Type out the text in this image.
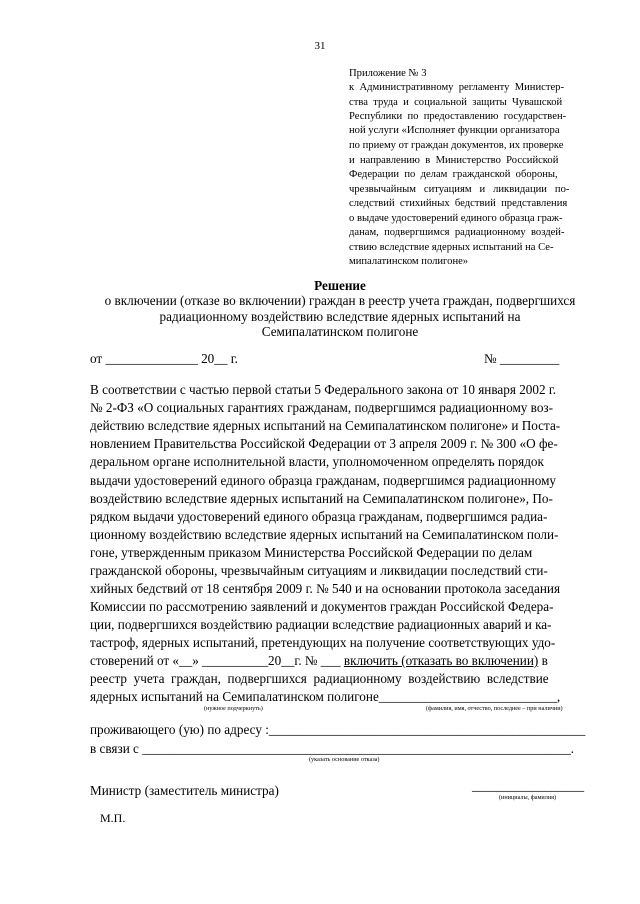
31
Приложение № 3
к  Административному  регламенту  Министер-
ства  труда  и  социальной  защиты  Чувашской
Республики  по  предоставлению  государствен-
ной услуги «Исполняет функции организатора
по приему от граждан документов, их проверке
и  направлению  в  Министерство  Российской
Федерации  по  делам  гражданской  обороны,
чрезвычайным   ситуациям   и   ликвидации   по-
следствий  стихийных  бедствий  представления
о выдаче удостоверений единого образца граж-
данам,  подвергшимся  радиационному  воздей-
ствию вследствие ядерных испытаний на Се-
мипалатинском полигоне»
Решение
о включении (отказе во включении) граждан в реестр учета граждан, подвергшихся
радиационному воздействию вследствие ядерных испытаний на
Семипалатинском полигоне
от ______________ 20__ г.	№ _________
В соответствии с частью первой статьи 5 Федерального закона от 10 января 2002 г.
№ 2-ФЗ «О социальных гарантиях гражданам, подвергшимся радиационному воз-
действию вследствие ядерных испытаний на Семипалатинском полигоне» и Поста-
новлением Правительства Российской Федерации от 3 апреля 2009 г. № 300 «О фе-
деральном органе исполнительной власти, уполномоченном определять порядок
выдачи удостоверений единого образца гражданам, подвергшимся радиационному
воздействию вследствие ядерных испытаний на Семипалатинском полигоне», По-
рядком выдачи удостоверений единого образца гражданам, подвергшимся радиа-
ционному воздействию вследствие ядерных испытаний на Семипалатинском поли-
гоне, утвержденным приказом Министерства Российской Федерации по делам
гражданской обороны, чрезвычайным ситуациям и ликвидации последствий сти-
хийных бедствий от 18 сентября 2009 г. № 540 и на основании протокола заседания
Комиссии по рассмотрению заявлений и документов граждан Российской Федера-
ции, подвергшихся воздействию радиации вследствие радиационных аварий и ка-
тастроф, ядерных испытаний, претендующих на получение соответствующих удо-
стоверений от «__» __________20__г. № ___ включить (отказать во включении) в
реестр  учета  граждан,  подвергшихся  радиационному  воздействию  вследствие
ядерных испытаний на Семипалатинском полигоне___________________________,
(нужное подчеркнуть)	(фамилия, имя, отчество, последнее – при наличии)
проживающего (ую) по адресу :________________________________________________
в связи с _________________________________________________________________.
(указать основание отказа)
Министр (заместитель министра)	_________________
(инициалы, фамилия)
М.П.
